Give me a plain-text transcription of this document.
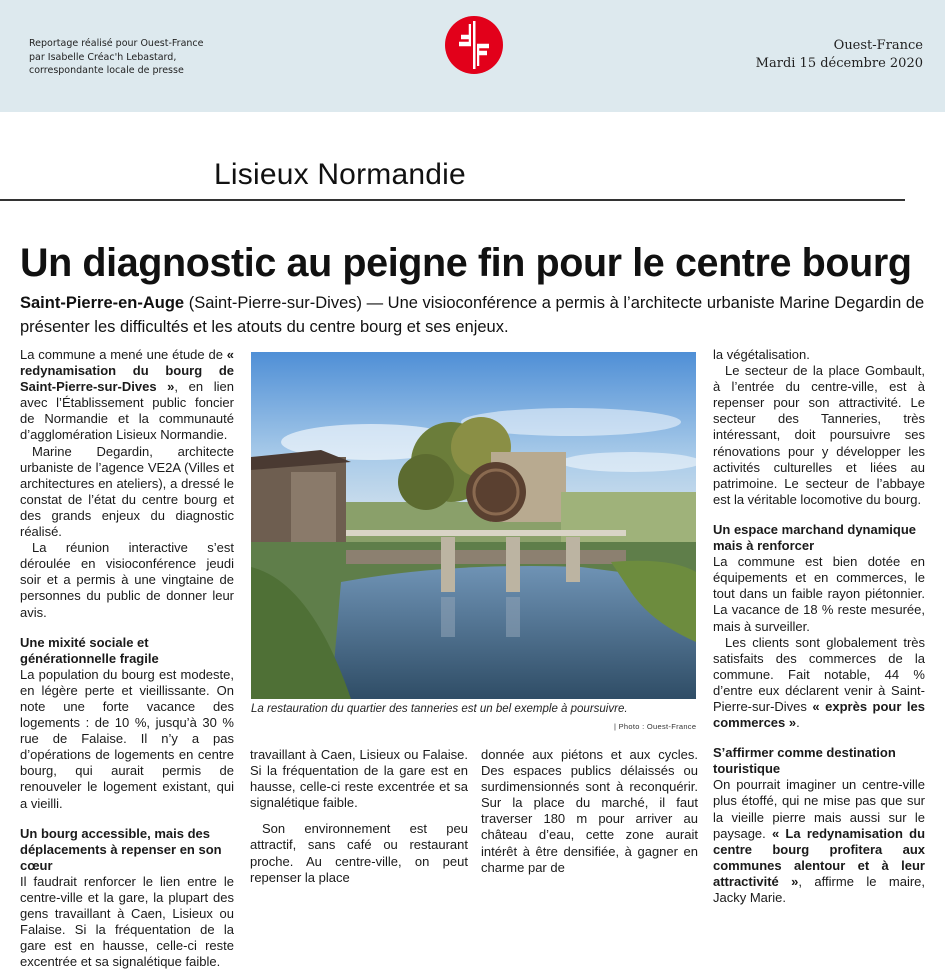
Reportage réalisé pour Ouest-France
par Isabelle Créac'h Lebastard,
correspondante locale de presse
Ouest-France
Mardi 15 décembre 2020
Lisieux Normandie
Un diagnostic au peigne fin pour le centre bourg
Saint-Pierre-en-Auge (Saint-Pierre-sur-Dives) — Une visioconférence a permis à l’architecte urbaniste Marine Degardin de présenter les difficultés et les atouts du centre bourg et ses enjeux.

La commune a mené une étude de « redynamisation du bourg de Saint-Pierre-sur-Dives », en lien avec l’Établissement public foncier de Normandie et la communauté d’agglomération Lisieux Normandie.

Marine Degardin, architecte urbaniste de l’agence VE2A (Villes et architectures en ateliers), a dressé le constat de l’état du centre bourg et des grands enjeux du diagnostic réalisé.

La réunion interactive s’est déroulée en visioconférence jeudi soir et a permis à une vingtaine de personnes du public de donner leur avis.

Une mixité sociale et générationnelle fragile

La population du bourg est modeste, en légère perte et vieillissante. On note une forte vacance des logements : de 10 %, jusqu’à 30 % rue de Falaise. Il n’y a pas d’opérations de logements en centre bourg, qui aurait permis de renouveler le logement existant, qui a vieilli.

Un bourg accessible, mais des déplacements à repenser en son cœur

Il faudrait renforcer le lien entre le centre-ville et la gare, la plupart des gens travaillant à Caen, Lisieux ou Falaise. Si la fréquentation de la gare est en hausse, celle-ci reste excentrée et sa signalétique faible.

La restauration du quartier des tanneries est un bel exemple à poursuivre.
| Photo : Ouest-France

travaillant à Caen, Lisieux ou Falaise. Si la fréquentation de la gare est en hausse, celle-ci reste excentrée et sa signalétique faible.

Son environnement est peu attractif, sans café ou restaurant proche. Au centre-ville, on peut repenser la place

donnée aux piétons et aux cycles. Des espaces publics délaissés ou surdimensionnés sont à reconquérir. Sur la place du marché, il faut traverser 180 m pour arriver au château d’eau, cette zone aurait intérêt à être densifiée, à gagner en charme par de

la végétalisation.

Le secteur de la place Gombault, à l’entrée du centre-ville, est à repenser pour son attractivité. Le secteur des Tanneries, très intéressant, doit poursuivre ses rénovations pour y développer les activités culturelles et liées au patrimoine. Le secteur de l’abbaye est la véritable locomotive du bourg.

Un espace marchand dynamique mais à renforcer

La commune est bien dotée en équipements et en commerces, le tout dans un faible rayon piétonnier. La vacance de 18 % reste mesurée, mais à surveiller.

Les clients sont globalement très satisfaits des commerces de la commune. Fait notable, 44 % d’entre eux déclarent venir à Saint-Pierre-sur-Dives « exprès pour les commerces ».

S’affirmer comme destination touristique

On pourrait imaginer un centre-ville plus étoffé, qui ne mise pas que sur la vieille pierre mais aussi sur le paysage. « La redynamisation du centre bourg profitera aux communes alentour et à leur attractivité », affirme le maire, Jacky Marie.
